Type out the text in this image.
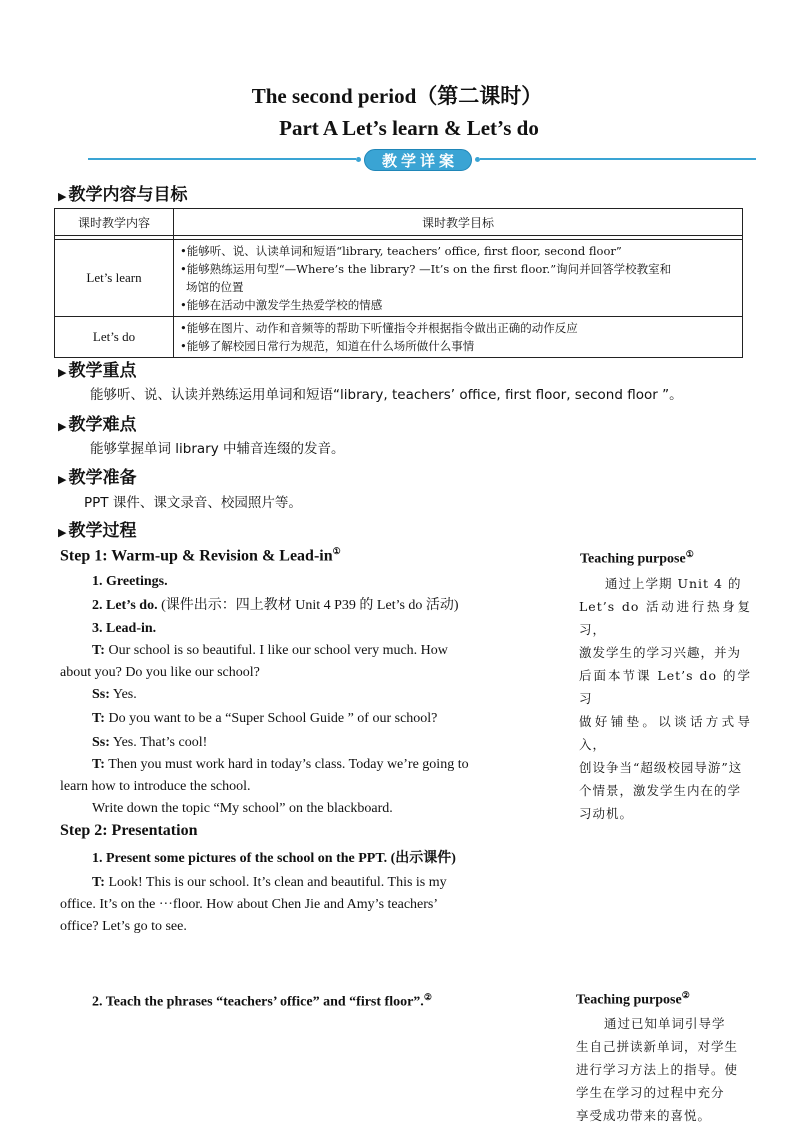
The second period（第二课时）
Part A Let’s learn & Let’s do
教 学 详 案
▶ 教学内容与目标
课时教学内容	课时教学目标

Let’s learn	•能够听、说、认读单词和短语“library, teachers’ office, first floor, second floor”
•能够熟练运用句型“—Where’s the library? —It’s on the first floor.”询问并回答学校教室和
场馆的位置
•能够在活动中激发学生热爱学校的情感

Let’s do	•能够在图片、动作和音频等的帮助下听懂指令并根据指令做出正确的动作反应
•能够了解校园日常行为规范，知道在什么场所做什么事情
▶ 教学重点
能够听、说、认读并熟练运用单词和短语“library, teachers’ office, first floor, second floor ”。
▶ 教学难点
能够掌握单词 library 中辅音连缀的发音。
▶ 教学准备
PPT 课件、课文录音、校园照片等。
▶ 教学过程
Step 1: Warm-up & Revision & Lead-in①
1. Greetings.
2. Let’s do. (课件出示：四上教材 Unit 4 P39 的 Let’s do 活动)
3. Lead-in.
T: Our school is so beautiful. I like our school very much. How
about you? Do you like our school?
Ss: Yes.
T: Do you want to be a “Super School Guide ” of our school?
Ss: Yes. That’s cool!
T: Then you must work hard in today’s class. Today we’re going to
learn how to introduce the school.
Write down the topic “My school” on the blackboard.
Step 2: Presentation
1. Present some pictures of the school on the PPT. (出示课件)
T: Look! This is our school. It’s clean and beautiful. This is my
office. It’s on the ···floor. How about Chen Jie and Amy’s teachers’
office? Let’s go to see.
2. Teach the phrases “teachers’ office” and “first floor”.②
Teaching purpose①
通过上学期 Unit 4 的
Let’s do 活动进行热身复习，
激发学生的学习兴趣，并为
后面本节课 Let’s do 的学习
做好铺垫。以谈话方式导入，
创设争当“超级校园导游”这
个情景，激发学生内在的学
习动机。
Teaching purpose②
通过已知单词引导学
生自己拼读新单词，对学生
进行学习方法上的指导。使
学生在学习的过程中充分
享受成功带来的喜悦。
